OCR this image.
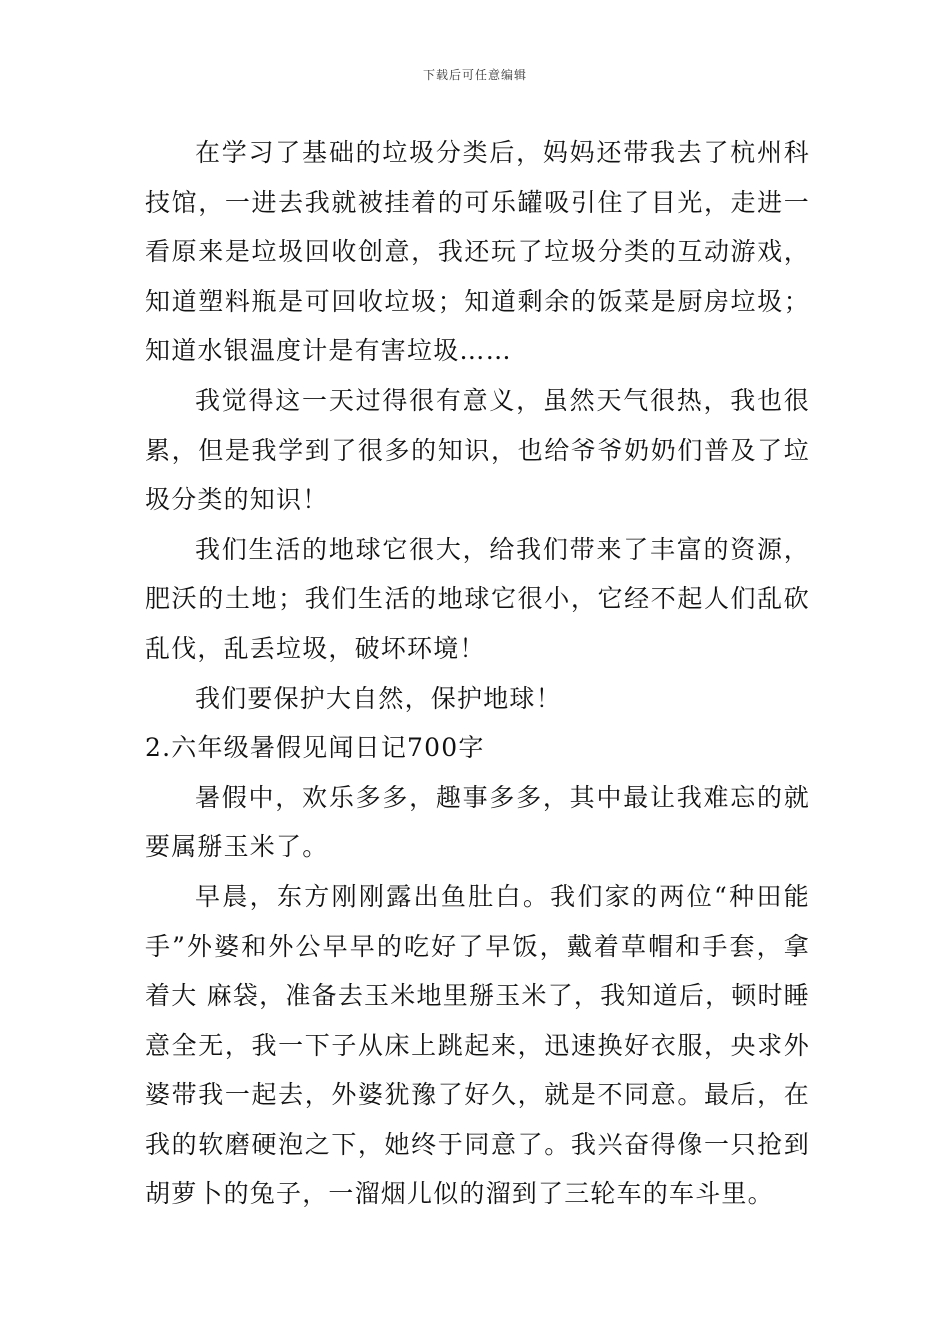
下载后可任意编辑

在学习了基础的垃圾分类后，妈妈还带我去了杭州科技馆，一进去我就被挂着的可乐罐吸引住了目光，走进一看原来是垃圾回收创意，我还玩了垃圾分类的互动游戏，知道塑料瓶是可回收垃圾；知道剩余的饭菜是厨房垃圾；知道水银温度计是有害垃圾……

我觉得这一天过得很有意义，虽然天气很热，我也很累，但是我学到了很多的知识，也给爷爷奶奶们普及了垃圾分类的知识！

我们生活的地球它很大，给我们带来了丰富的资源，肥沃的土地；我们生活的地球它很小，它经不起人们乱砍乱伐，乱丢垃圾，破坏环境！

我们要保护大自然，保护地球！

2.六年级暑假见闻日记700字

暑假中，欢乐多多，趣事多多，其中最让我难忘的就要属掰玉米了。

早晨，东方刚刚露出鱼肚白。我们家的两位“种田能手”外婆和外公早早的吃好了早饭，戴着草帽和手套，拿着大 麻袋，准备去玉米地里掰玉米了，我知道后，顿时睡意全无，我一下子从床上跳起来，迅速换好衣服，央求外婆带我一起去，外婆犹豫了好久，就是不同意。最后，在我的软磨硬泡之下，她终于同意了。我兴奋得像一只抢到胡萝卜的兔子，一溜烟儿似的溜到了三轮车的车斗里。
